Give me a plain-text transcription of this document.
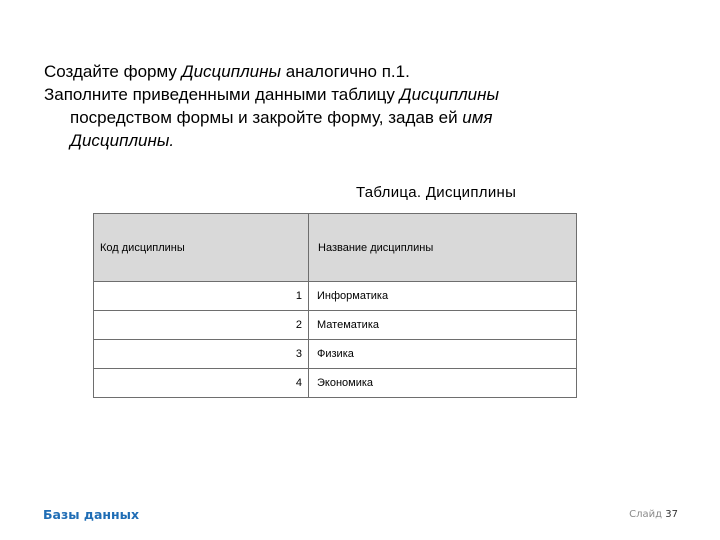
Создайте форму Дисциплины аналогично п.1.

Заполните приведенными данными таблицу Дисциплины

посредством формы и закройте форму, задав ей имя

Дисциплины.

Таблица. Дисциплины
Код дисциплины	Название дисциплины
1	Информатика
2	Математика
3	Физика
4	Экономика
Базы данных	Слайд 37
